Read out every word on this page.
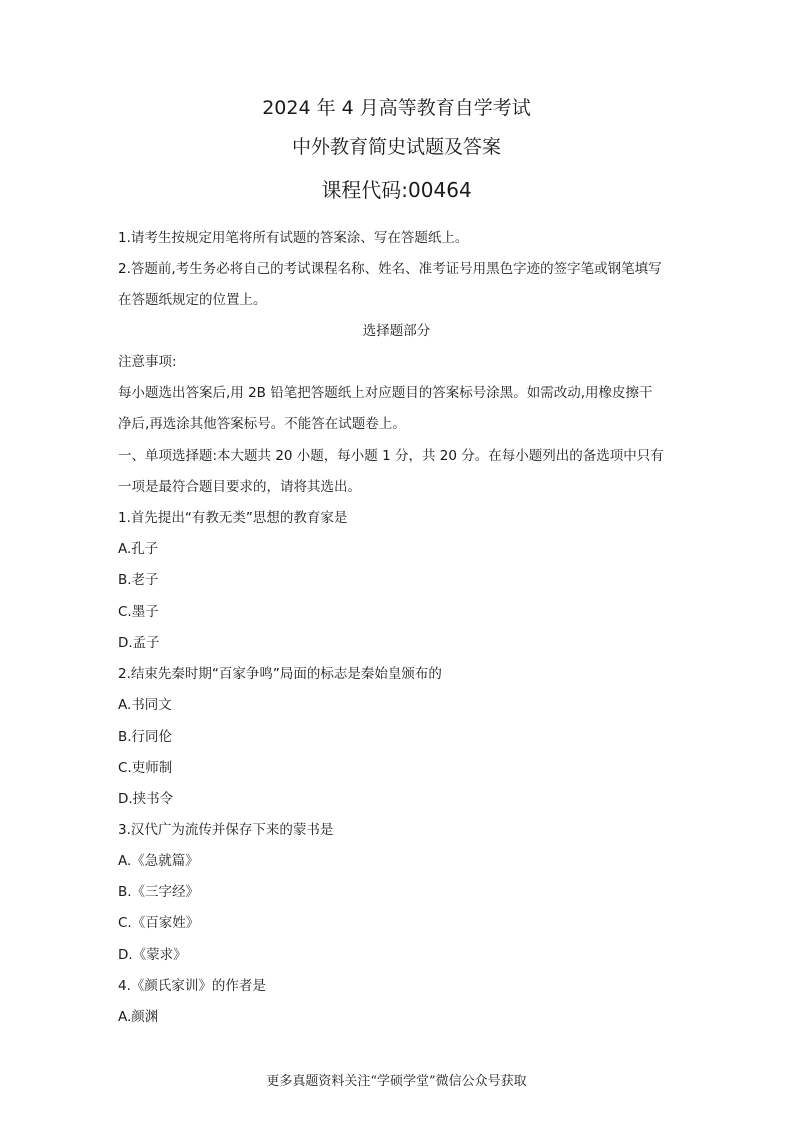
2024 年 4 月高等教育自学考试
中外教育简史试题及答案
课程代码:00464
1.请考生按规定用笔将所有试题的答案涂、写在答题纸上。
2.答题前,考生务必将自己的考试课程名称、姓名、准考证号用黑色字迹的签字笔或钢笔填写
在答题纸规定的位置上。
选择题部分
注意事项:
每小题选出答案后,用 2B 铅笔把答题纸上对应题目的答案标号涂黑。如需改动,用橡皮擦干
净后,再选涂其他答案标号。不能答在试题卷上。
一、单项选择题:本大题共 20 小题，每小题 1 分，共 20 分。在每小题列出的备选项中只有
一项是最符合题目要求的，请将其选出。
1.首先提出“有教无类”思想的教育家是
A.孔子
B.老子
C.墨子
D.孟子
2.结束先秦时期“百家争鸣”局面的标志是秦始皇颁布的
A.书同文
B.行同伦
C.吏师制
D.挟书令
3.汉代广为流传并保存下来的蒙书是
A.《急就篇》
B.《三字经》
C.《百家姓》
D.《蒙求》
4.《颜氏家训》的作者是
A.颜渊
更多真题资料关注“学硕学堂”微信公众号获取
